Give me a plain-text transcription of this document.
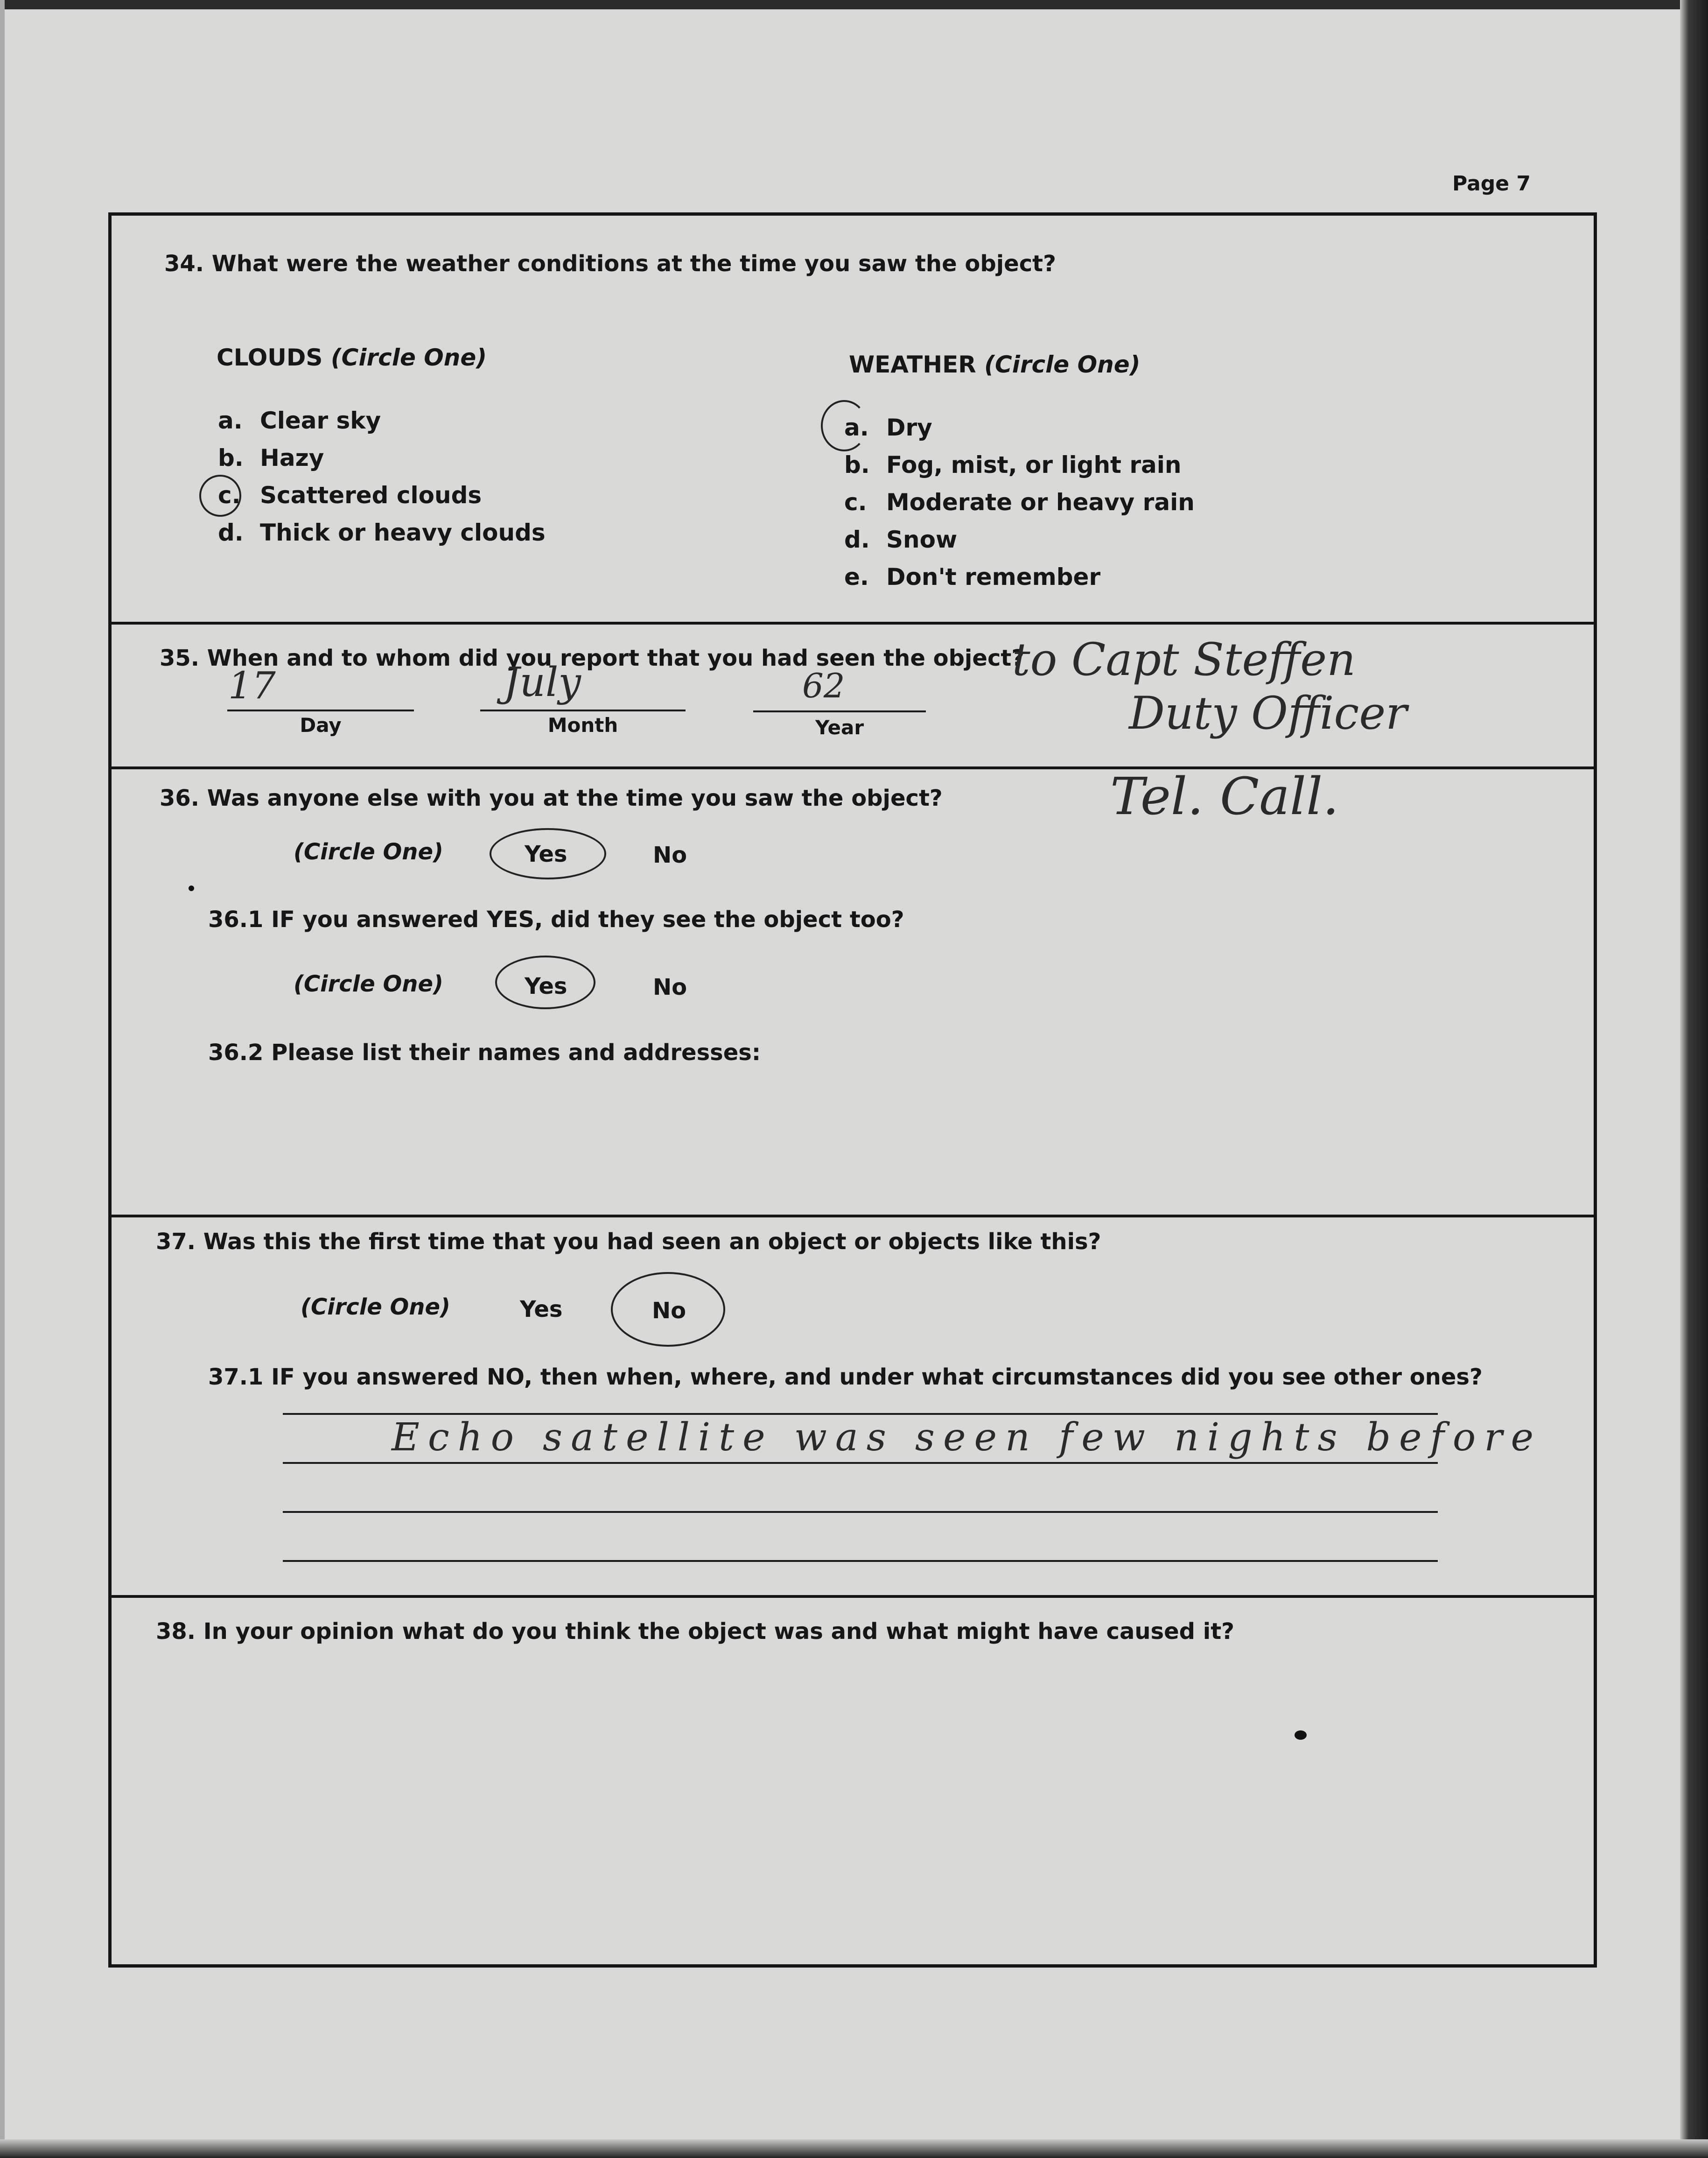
Page 7
34. What were the weather conditions at the time you saw the object?
CLOUDS (Circle One)
a. Clear sky
b. Hazy
c. Scattered clouds
d. Thick or heavy clouds
WEATHER (Circle One)
a. Dry
b. Fog, mist, or light rain
c. Moderate or heavy rain
d. Snow
e. Don't remember
35. When and to whom did you report that you had seen the object?
17
Day
July
Month
62
Year
to Capt Steffen
Duty Officer
Tel. Call.
36. Was anyone else with you at the time you saw the object?
(Circle One)	Yes	No
36.1 IF you answered YES, did they see the object too?
(Circle One)	Yes	No
36.2 Please list their names and addresses:
37. Was this the first time that you had seen an object or objects like this?
(Circle One)	Yes	No
37.1 IF you answered NO, then when, where, and under what circumstances did you see other ones?
Echo satellite was seen few nights before
38. In your opinion what do you think the object was and what might have caused it?
